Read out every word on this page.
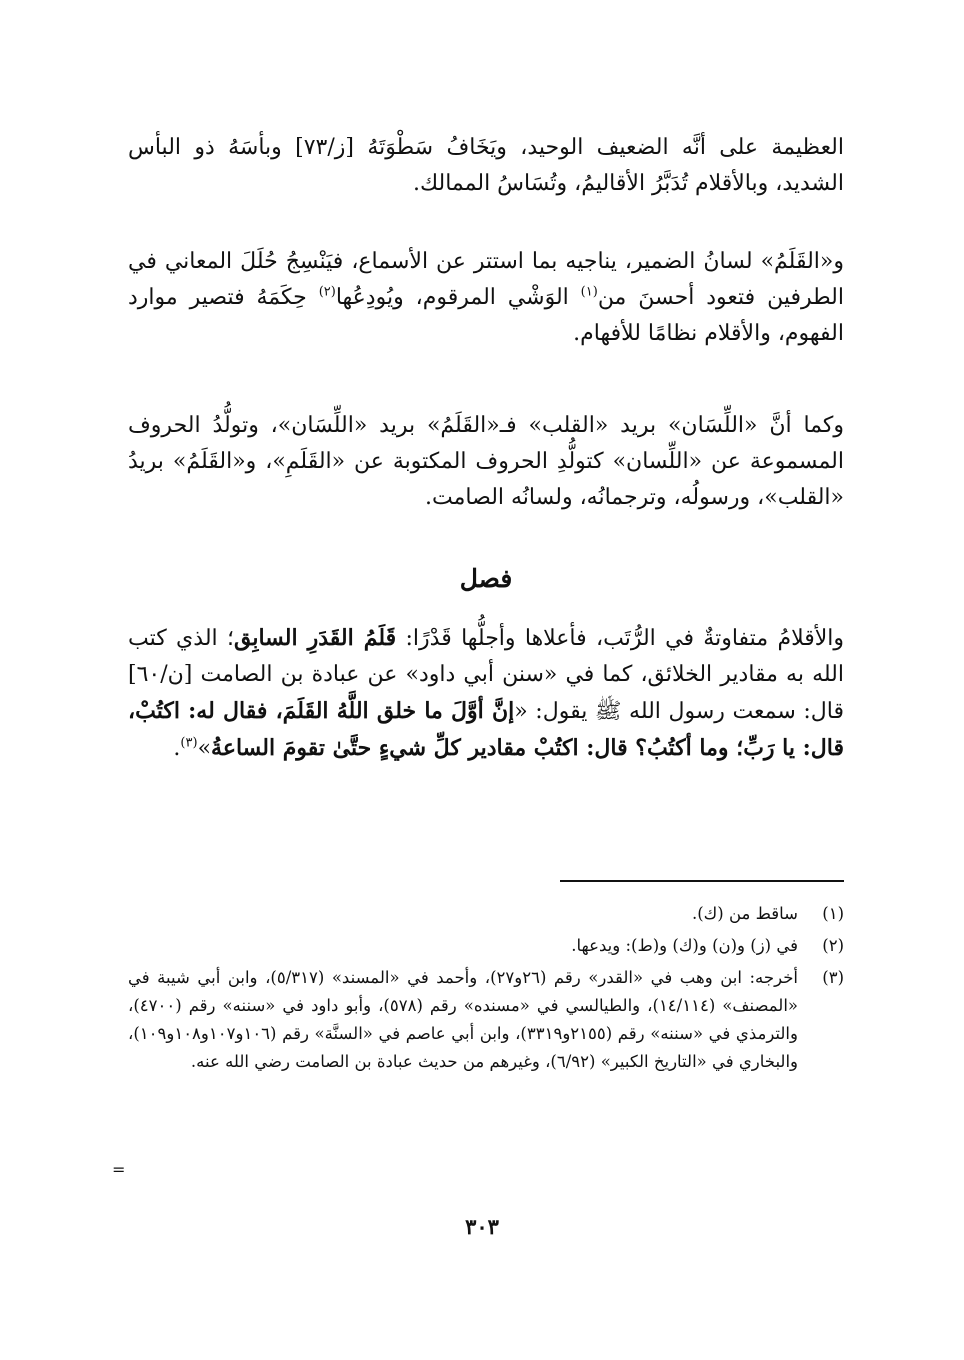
العظيمة على أنَّه الضعيف الوحيد، ويَخَافُ سَطْوَتَهُ [ز/٧٣] وبأسَهُ ذو البأس الشديد، وبالأقلام تُدَبَّرُ الأقاليمُ، وتُسَاسُ الممالك.

و«القَلَمُ» لسانُ الضمير، يناجيه بما استتر عن الأسماع، فيَنْسِجُ حُلَلَ المعاني في الطرفين فتعود أحسنَ من$^{(١)}$ الوَشْي المرقوم، ويُودِعُها$^{(٢)}$ حِكَمَهُ فتصير موارد الفهوم، والأقلام نظامًا للأفهام.

وكما أنَّ «اللِّسَان» بريد «القلب» فـ«القَلَمُ» بريد «اللِّسَان»، وتولُّدُ الحروف المسموعة عن «اللِّسان» كتولُّدِ الحروف المكتوبة عن «القَلَمِ»، و«القَلَمُ» بريدُ «القلب»، ورسولُه، وترجمانُه، ولسانُه الصامت.

فصل

والأقلامُ متفاوتةٌ في الرُّتَب، فأعلاها وأجلُّها قَدْرًا: قَلَمُ القَدَرِ السابِق؛ الذي كتب الله به مقادير الخلائق، كما في «سنن أبي داود» عن عبادة بن الصامت [ن/٦٠] قال: سمعت رسول الله ﷺ يقول: «إنَّ أوَّلَ ما خلق اللَّهُ القَلَمَ، فقال له: اكتُبْ، قال: يا رَبِّ؛ وما أكتُبُ؟ قال: اكتُبْ مقادير كلِّ شيءٍ حتَّىٰ تقومَ الساعةُ»$^{(٣)}$.

(١)
ساقط من (ك).
(٢)
في (ز) و(ن) و(ك) و(ط): ويدعها.
(٣)
أخرجه: ابن وهب في «القدر» رقم (٢٦و٢٧)، وأحمد في «المسند» (٥/٣١٧)، وابن أبي شيبة في «المصنف» (١٤/١١٤)، والطيالسي في «مسنده» رقم (٥٧٨)، وأبو داود في «سننه» رقم (٤٧٠٠)، والترمذي في «سننه» رقم (٢١٥٥و٣٣١٩)، وابن أبي عاصم في «السنَّة» رقم (١٠٦و١٠٧و١٠٨و١٠٩)، والبخاري في «التاريخ الكبير» (٦/٩٢)، وغيرهم من حديث عبادة بن الصامت رضي الله عنه.
=
٣٠٣
